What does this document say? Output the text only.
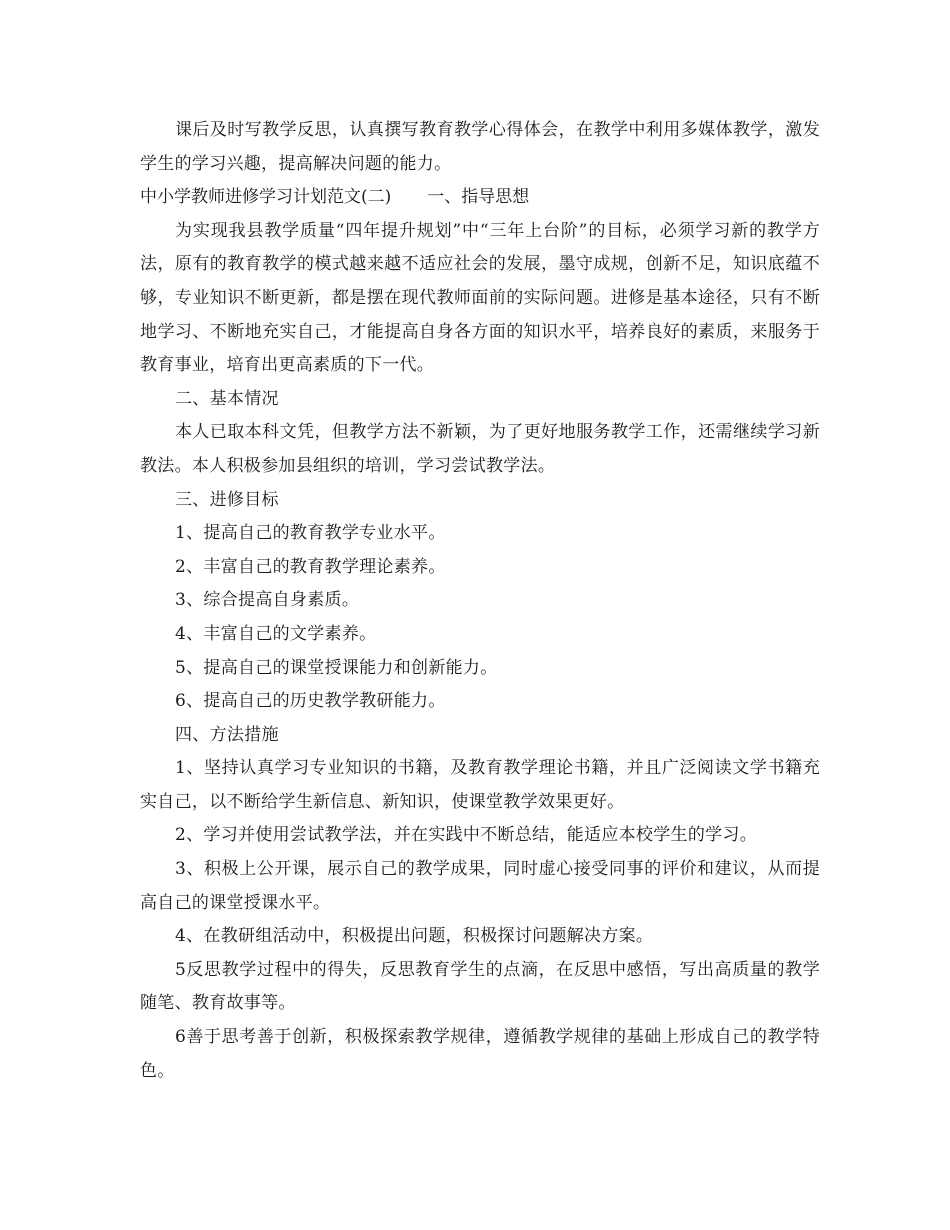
课后及时写教学反思，认真撰写教育教学心得体会，在教学中利用多媒体教学，激发学生的学习兴趣，提高解决问题的能力。

中小学教师进修学习计划范文(二) 一、指导思想

为实现我县教学质量“四年提升规划”中“三年上台阶”的目标，必须学习新的教学方法，原有的教育教学的模式越来越不适应社会的发展，墨守成规，创新不足，知识底蕴不够，专业知识不断更新，都是摆在现代教师面前的实际问题。进修是基本途径，只有不断地学习、不断地充实自己，才能提高自身各方面的知识水平，培养良好的素质，来服务于教育事业，培育出更高素质的下一代。

二、基本情况

本人已取本科文凭，但教学方法不新颖，为了更好地服务教学工作，还需继续学习新教法。本人积极参加县组织的培训，学习尝试教学法。

三、进修目标

1、提高自己的教育教学专业水平。

2、丰富自己的教育教学理论素养。

3、综合提高自身素质。

4、丰富自己的文学素养。

5、提高自己的课堂授课能力和创新能力。

6、提高自己的历史教学教研能力。

四、方法措施

1、坚持认真学习专业知识的书籍，及教育教学理论书籍，并且广泛阅读文学书籍充实自己，以不断给学生新信息、新知识，使课堂教学效果更好。

2、学习并使用尝试教学法，并在实践中不断总结，能适应本校学生的学习。

3、积极上公开课，展示自己的教学成果，同时虚心接受同事的评价和建议，从而提高自己的课堂授课水平。

4、在教研组活动中，积极提出问题，积极探讨问题解决方案。

5反思教学过程中的得失，反思教育学生的点滴，在反思中感悟，写出高质量的教学随笔、教育故事等。

6善于思考善于创新，积极探索教学规律，遵循教学规律的基础上形成自己的教学特色。
